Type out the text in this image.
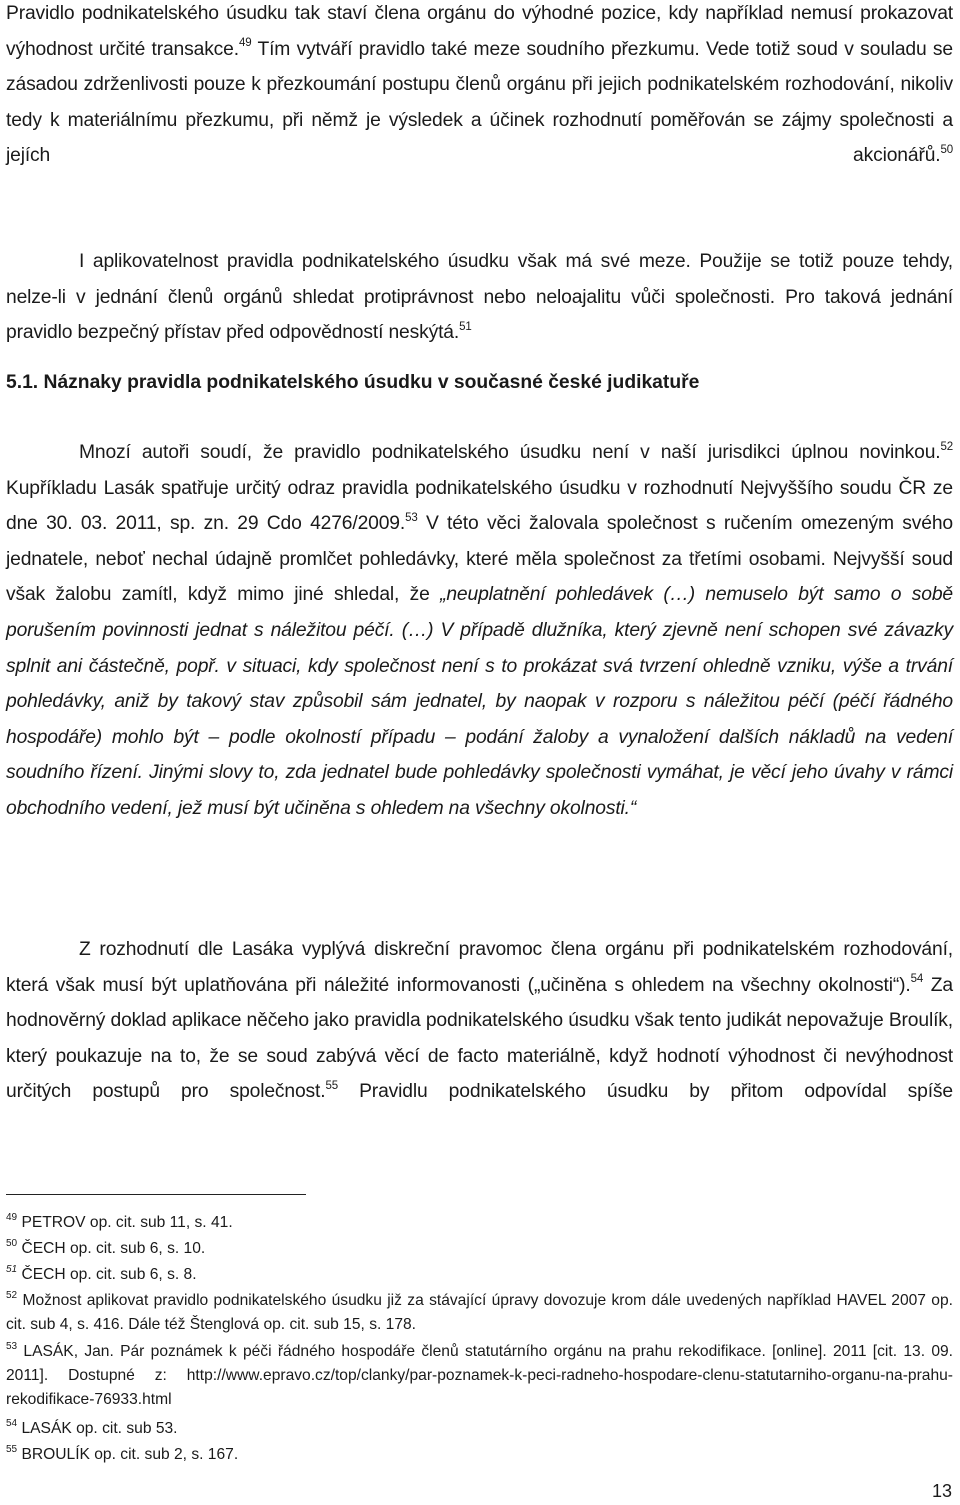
Pravidlo podnikatelského úsudku tak staví člena orgánu do výhodné pozice, kdy například nemusí prokazovat výhodnost určité transakce.$^{49}$ Tím vytváří pravidlo také meze soudního přezkumu. Vede totiž soud v souladu se zásadou zdrženlivosti pouze k přezkoumání postupu členů orgánu při jejich podnikatelském rozhodování, nikoliv tedy k materiálnímu přezkumu, při němž je výsledek a účinek rozhodnutí poměřován se zájmy společnosti a jejích akcionářů.$^{50}$

I aplikovatelnost pravidla podnikatelského úsudku však má své meze. Použije se totiž pouze tehdy, nelze-li v jednání členů orgánů shledat protiprávnost nebo neloajalitu vůči společnosti. Pro taková jednání pravidlo bezpečný přístav před odpovědností neskýtá.$^{51}$

5.1. Náznaky pravidla podnikatelského úsudku v současné české judikatuře

Mnozí autoři soudí, že pravidlo podnikatelského úsudku není v naší jurisdikci úplnou novinkou.$^{52}$ Kupříkladu Lasák spatřuje určitý odraz pravidla podnikatelského úsudku v rozhodnutí Nejvyššího soudu ČR ze dne 30. 03. 2011, sp. zn. 29 Cdo 4276/2009.53 V této věci žalovala společnost s ručením omezeným svého jednatele, neboť nechal údajně promlčet pohledávky, které měla společnost za třetími osobami. Nejvyšší soud však žalobu zamítl, když mimo jiné shledal, že „neuplatnění pohledávek (…) nemuselo být samo o sobě porušením povinnosti jednat s náležitou péčí. (…) V případě dlužníka, který zjevně není schopen své závazky splnit ani částečně, popř. v situaci, kdy společnost není s to prokázat svá tvrzení ohledně vzniku, výše a trvání pohledávky, aniž by takový stav způsobil sám jednatel, by naopak v rozporu s náležitou péčí (péčí řádného hospodáře) mohlo být – podle okolností případu – podání žaloby a vynaložení dalších nákladů na vedení soudního řízení. Jinými slovy to, zda jednatel bude pohledávky společnosti vymáhat, je věcí jeho úvahy v rámci obchodního vedení, jež musí být učiněna s ohledem na všechny okolnosti.“

Z rozhodnutí dle Lasáka vyplývá diskreční pravomoc člena orgánu při podnikatelském rozhodování, která však musí být uplatňována při náležité informovanosti („učiněna s ohledem na všechny okolnosti“).$^{54}$ Za hodnověrný doklad aplikace něčeho jako pravidla podnikatelského úsudku však tento judikát nepovažuje Broulík, který poukazuje na to, že se soud zabývá věcí de facto materiálně, když hodnotí výhodnost či nevýhodnost určitých postupů pro společnost.$^{55}$ Pravidlu podnikatelského úsudku by přitom odpovídal spíše

$^{49}$ PETROV op. cit. sub 11, s. 41.

$^{50}$ ČECH op. cit. sub 6, s. 10.

$^{51}$ ČECH op. cit. sub 6, s. 8.

$^{52}$ Možnost aplikovat pravidlo podnikatelského úsudku již za stávající úpravy dovozuje krom dále uvedených například HAVEL 2007 op. cit. sub 4, s. 416. Dále též Štenglová op. cit. sub 15, s. 178.

$^{53}$ LASÁK, Jan. Pár poznámek k péči řádného hospodáře členů statutárního orgánu na prahu rekodifikace. [online]. 2011 [cit. 13. 09. 2011]. Dostupné z: http://www.epravo.cz/top/clanky/par-poznamek-k-peci-radneho-hospodare-clenu-statutarniho-organu-na-prahu-rekodifikace-76933.html

$^{54}$ LASÁK op. cit. sub 53.

$^{55}$ BROULÍK op. cit. sub 2, s. 167.

13
